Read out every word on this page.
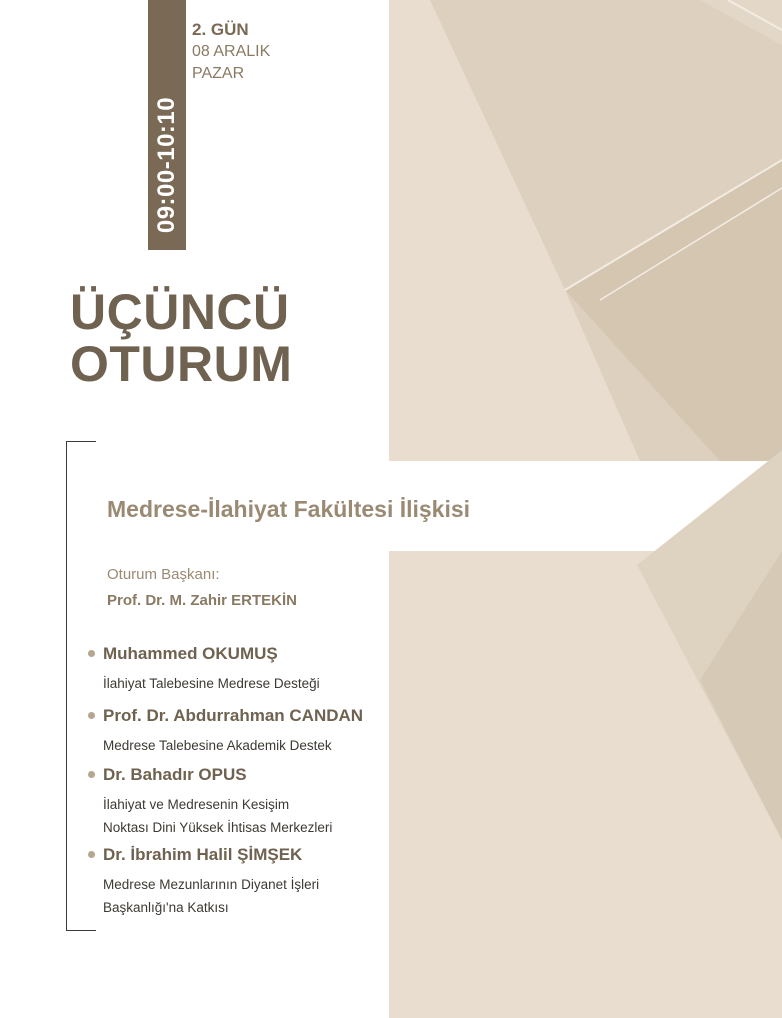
09:00-10:10
2. GÜN
08 ARALIK
PAZAR
ÜÇÜNCÜ
OTURUM
Medrese-İlahiyat Fakültesi İlişkisi
Oturum Başkanı:
Prof. Dr. M. Zahir ERTEKİN
Muhammed OKUMUŞ
İlahiyat Talebesine Medrese Desteği
Prof. Dr. Abdurrahman CANDAN
Medrese Talebesine Akademik Destek
Dr. Bahadır OPUS
İlahiyat ve Medresenin Kesişim
Noktası Dini Yüksek İhtisas Merkezleri
Dr. İbrahim Halil ŞİMŞEK
Medrese Mezunlarının Diyanet İşleri
Başkanlığı'na Katkısı
